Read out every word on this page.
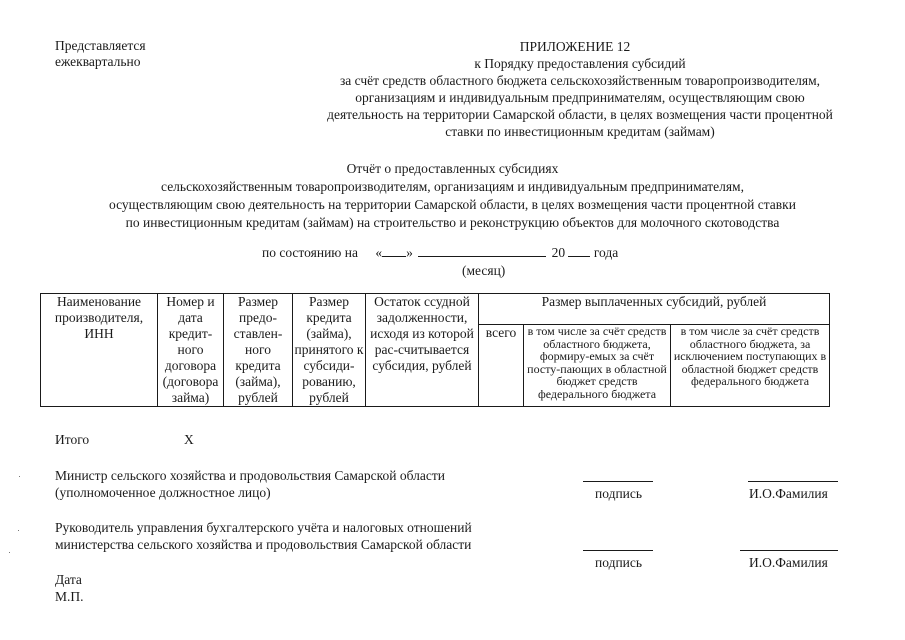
Представляется
ежеквартально
ПРИЛОЖЕНИЕ 12
к Порядку предоставления субсидий
за счёт средств областного бюджета сельскохозяйственным товаропроизводителям,
организациям и индивидуальным предпринимателям, осуществляющим свою
деятельность на территории Самарской области, в целях возмещения части процентной
ставки по инвестиционным кредитам (займам)
Отчёт о предоставленных субсидиях
сельскохозяйственным товаропроизводителям, организациям и индивидуальным предпринимателям,
осуществляющим свою деятельность на территории Самарской области, в целях возмещения части процентной ставки
по инвестиционным кредитам (займам) на строительство и реконструкцию объектов для молочного скотоводства
по состоянию на « »	20 года
(месяц)
Наименование производителя, ИНН	Номер и дата кредит-ного договора (договора займа)	Размер предо-ставлен-ного кредита (займа), рублей	Размер кредита (займа), принятого к субсиди-рованию, рублей	Остаток ссудной задолженности, исходя из которой рас-считывается субсидия, рублей	Размер выплаченных субсидий, рублей		
					всего	в том числе за счёт средств областного бюджета, формиру-емых за счёт посту-пающих в областной бюджет средств федерального бюджета	в том числе за счёт средств областного бюджета, за исключением поступающих в областной бюджет средств федерального бюджета
Итого	Х
Министр сельского хозяйства и продовольствия Самарской области
(уполномоченное должностное лицо)	подпись	И.О.Фамилия
Руководитель управления бухгалтерского учёта и налоговых отношений
министерства сельского хозяйства и продовольствия Самарской области
подпись	И.О.Фамилия
Дата
М.П.
